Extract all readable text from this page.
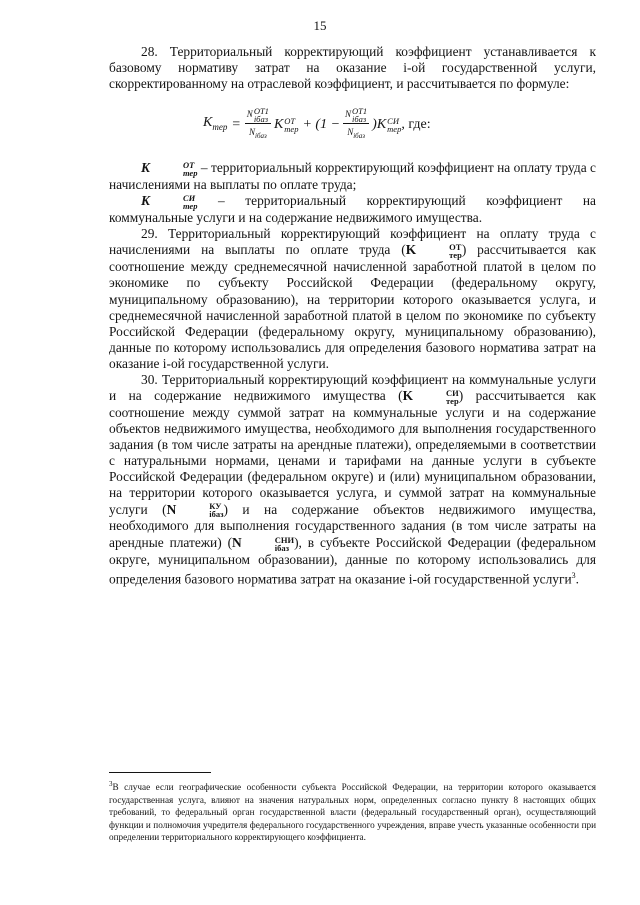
15

28. Территориальный корректирующий коэффициент устанавливается к базовому нормативу затрат на оказание i-ой государственной услуги, скорректированному на отраслевой коэффициент, и рассчитывается по формуле:

$K_{тер} = N$ ОТ1
iбаз
$N_{iбаз}$ K ОТ
тер + (1 − N ОТ1
iбаз
$N_{iбаз}$ ) K СИ
тер , где:

K	ОТ
тер – территориальный корректирующий коэффициент на оплату труда с начислениями на выплаты по оплате труда;

K	СИ
тер – территориальный корректирующий коэффициент на коммунальные услуги и на содержание недвижимого имущества.

29. Территориальный корректирующий коэффициент на оплату труда с начислениями на выплаты по оплате труда (K	ОТ
тер ) рассчитывается как соотношение между среднемесячной начисленной заработной платой в целом по экономике по субъекту Российской Федерации (федеральному округу, муниципальному образованию), на территории которого оказывается услуга, и среднемесячной начисленной заработной платой в целом по экономике по субъекту Российской Федерации (федеральному округу, муниципальному образованию), данные по которому использовались для определения базового норматива затрат на оказание i-ой государственной услуги.

30. Территориальный корректирующий коэффициент на коммунальные услуги и на содержание недвижимого имущества (K	СИ
тер ) рассчитывается как соотношение между суммой затрат на коммунальные услуги и на содержание объектов недвижимого имущества, необходимого для выполнения государственного задания (в том числе затраты на арендные платежи), определяемыми в соответствии с натуральными нормами, ценами и тарифами на данные услуги в субъекте Российской Федерации (федеральном округе) и (или) муниципальном образовании, на территории которого оказывается услуга, и суммой затрат на коммунальные услуги (N	КУ
iбаз ) и на содержание объектов недвижимого имущества, необходимого для выполнения государственного задания (в том числе затраты на арендные платежи) (N	СНИ
iбаз ), в субъекте Российской Федерации (федеральном округе, муниципальном образовании), данные по которому использовались для определения базового норматива затрат на оказание i-ой государственной услуги$^3$.

$^3$В случае если географические особенности субъекта Российской Федерации, на территории которого оказывается государственная услуга, влияют на значения натуральных норм, определенных согласно пункту 8 настоящих общих требований, то федеральный орган государственной власти (федеральный государственный орган), осуществляющий функции и полномочия учредителя федерального государственного учреждения, вправе учесть указанные особенности при определении территориального корректирующего коэффициента.
